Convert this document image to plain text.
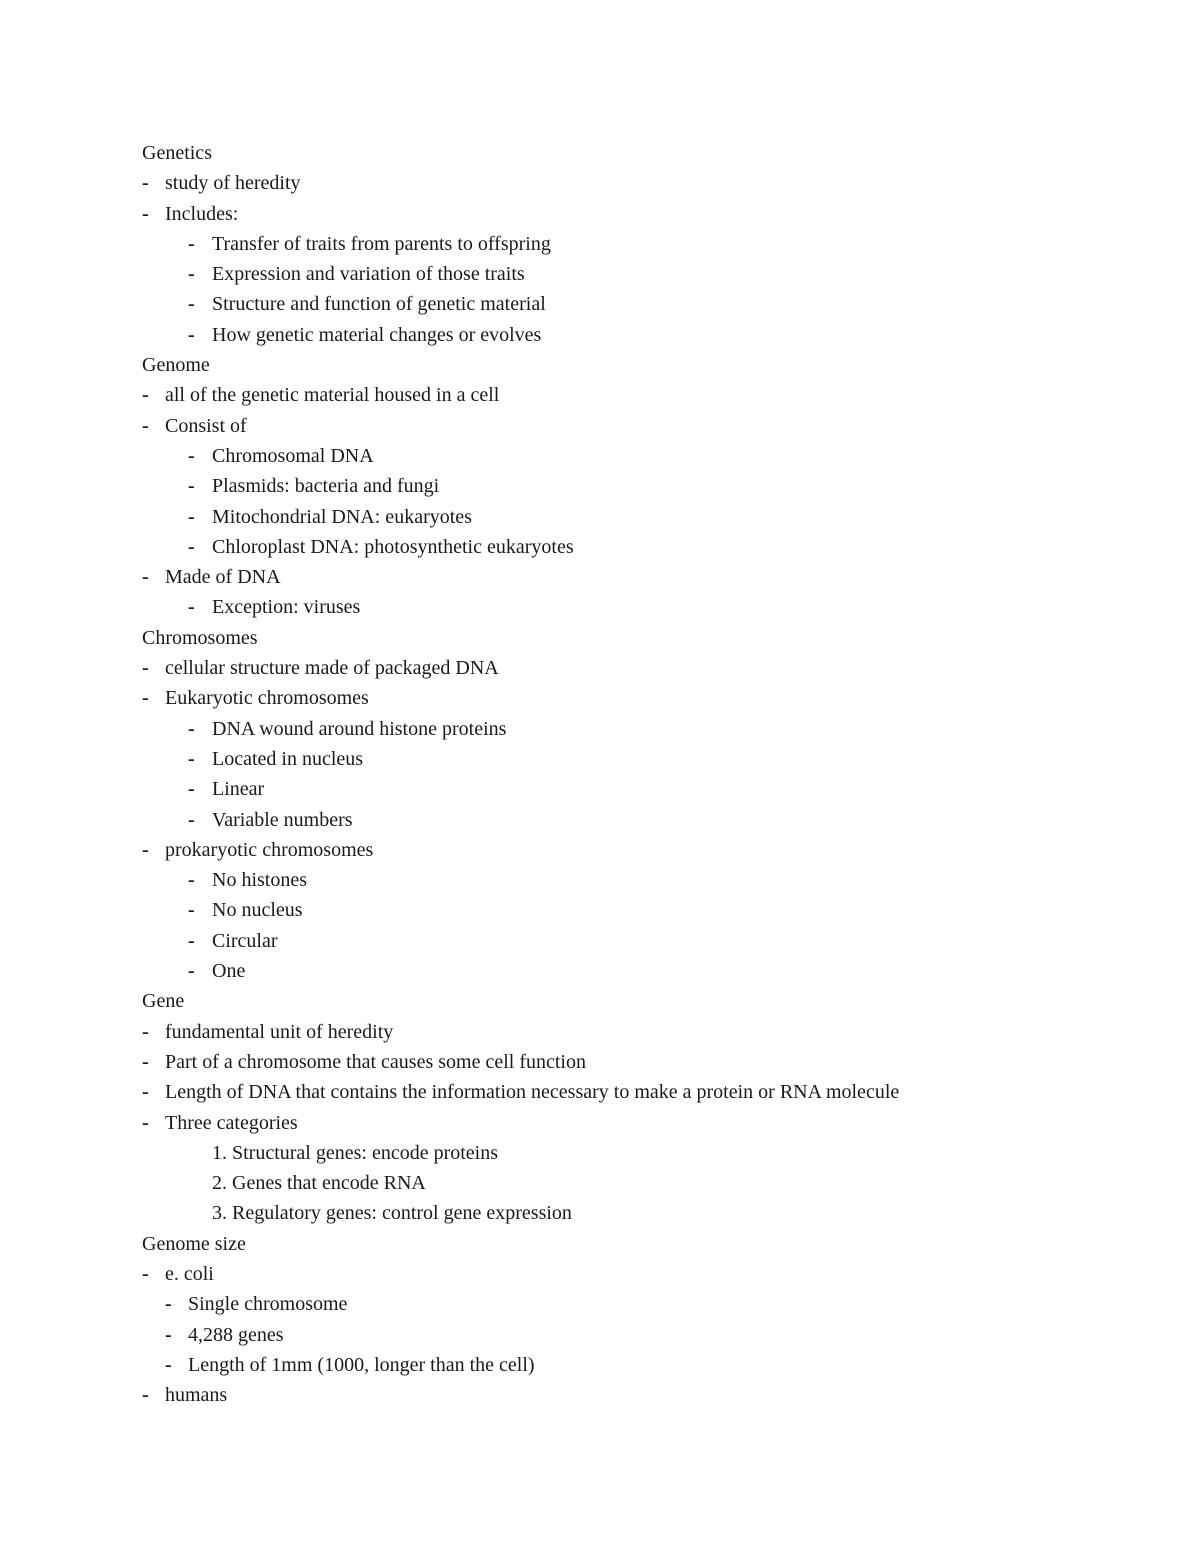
Genetics
- study of heredity
- Includes:
- Transfer of traits from parents to offspring
- Expression and variation of those traits
- Structure and function of genetic material
- How genetic material changes or evolves
Genome
- all of the genetic material housed in a cell
- Consist of
- Chromosomal DNA
- Plasmids: bacteria and fungi
- Mitochondrial DNA: eukaryotes
- Chloroplast DNA: photosynthetic eukaryotes
- Made of DNA
- Exception: viruses
Chromosomes
- cellular structure made of packaged DNA
- Eukaryotic chromosomes
- DNA wound around histone proteins
- Located in nucleus
- Linear
- Variable numbers
- prokaryotic chromosomes
- No histones
- No nucleus
- Circular
- One
Gene
- fundamental unit of heredity
- Part of a chromosome that causes some cell function
- Length of DNA that contains the information necessary to make a protein or RNA molecule
- Three categories
1. Structural genes: encode proteins
2. Genes that encode RNA
3. Regulatory genes: control gene expression
Genome size
- e. coli
- Single chromosome
- 4,288 genes
- Length of 1mm (1000, longer than the cell)
- humans
